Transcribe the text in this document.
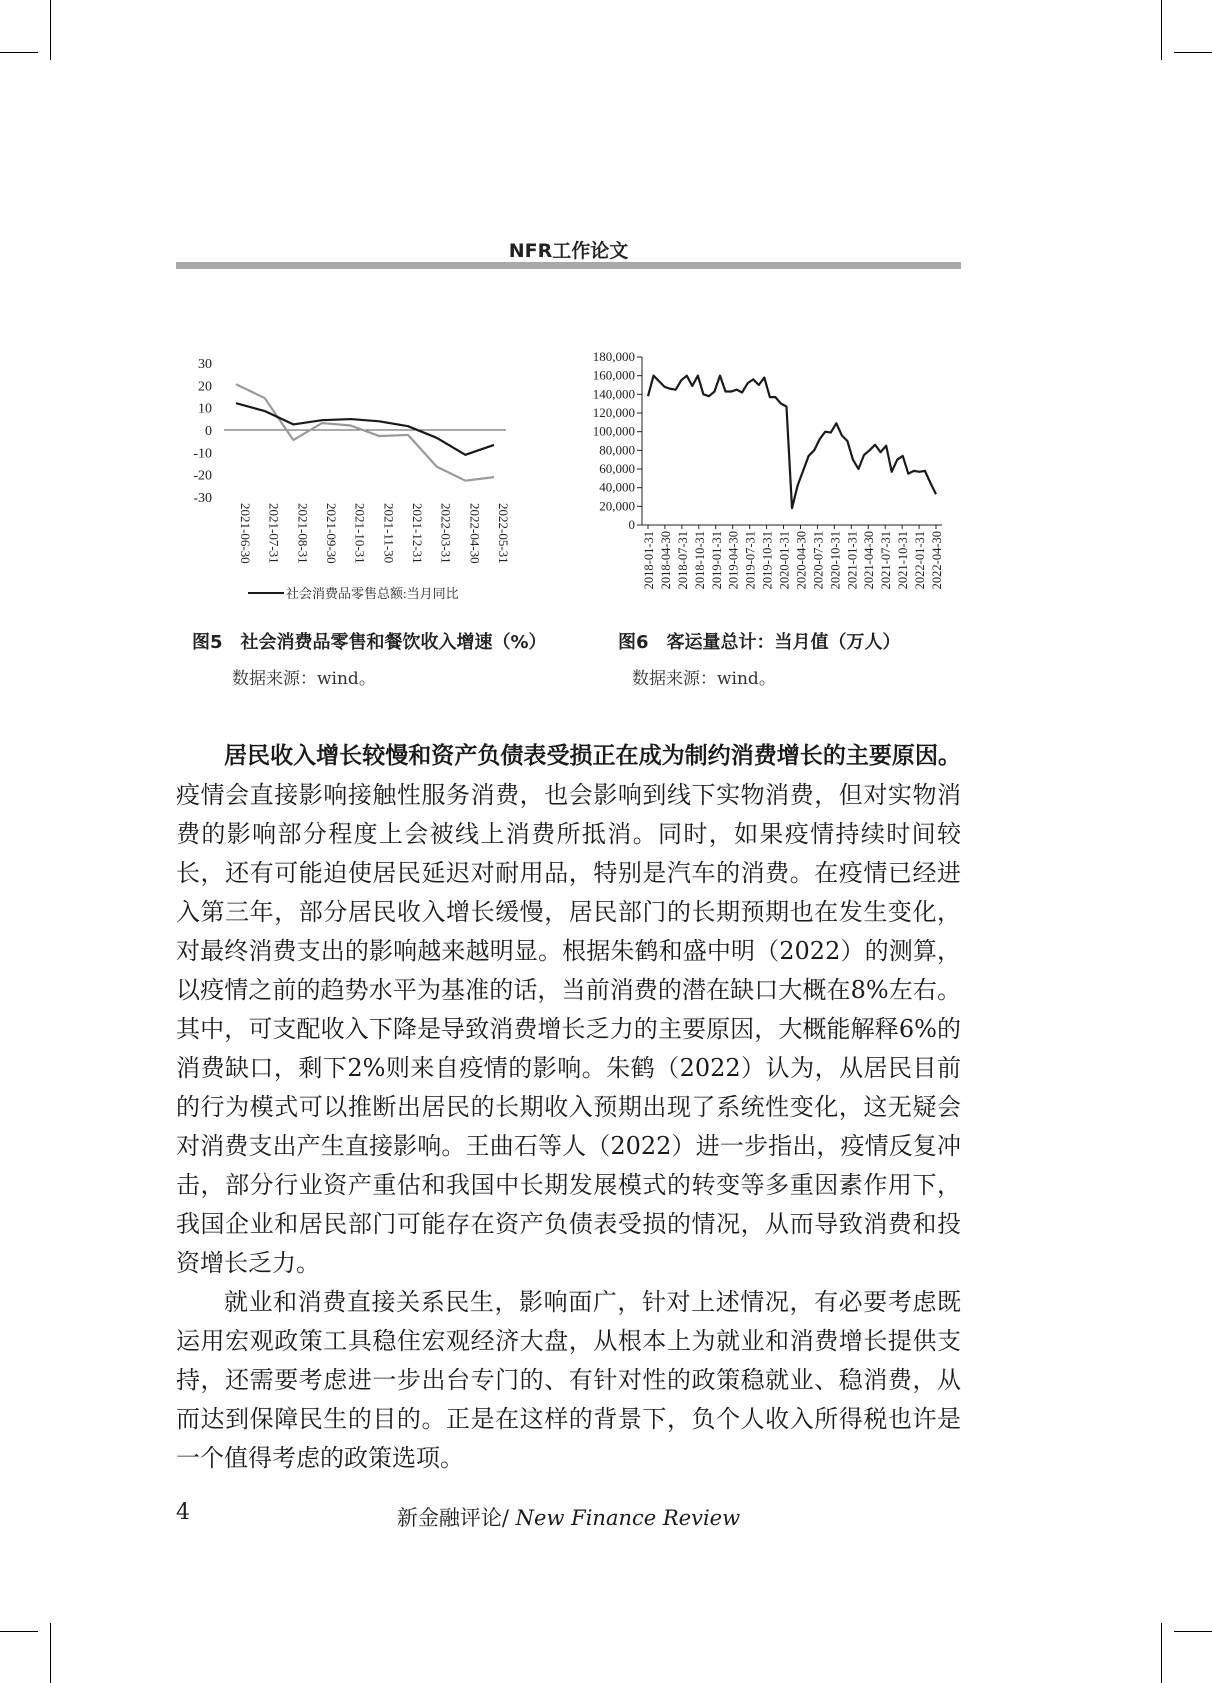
NFR工作论文
30
20
10
0
-10
-20
-30
2021-06-30 2021-07-31 2021-08-31 2021-09-30 2021-10-31 2021-11-30 2021-12-31 2022-03-31 2022-04-30 2022-05-31
社会消费品零售总额:当月同比
图5　社会消费品零售和餐饮收入增速（%）
数据来源：wind。
180,000
160,000
140,000
120,000
100,000
80,000
60,000
40,000
20,000
0
2018-01-31 2018-04-30 2018-07-31 2018-10-31 2019-01-31 2019-04-30 2019-07-31 2019-10-31 2020-01-31 2020-04-30 2020-07-31 2020-10-31 2021-01-31 2021-04-30 2021-07-31 2021-10-31 2022-01-31 2022-04-30
图6　客运量总计：当月值（万人）
数据来源：wind。

居民收入增长较慢和资产负债表受损正在成为制约消费增长的主要原因。疫情会直接影响接触性服务消费，也会影响到线下实物消费，但对实物消费的影响部分程度上会被线上消费所抵消。同时，如果疫情持续时间较长，还有可能迫使居民延迟对耐用品，特别是汽车的消费。在疫情已经进入第三年，部分居民收入增长缓慢，居民部门的长期预期也在发生变化，对最终消费支出的影响越来越明显。根据朱鹤和盛中明（2022）的测算，以疫情之前的趋势水平为基准的话，当前消费的潜在缺口大概在8%左右。其中，可支配收入下降是导致消费增长乏力的主要原因，大概能解释6%的消费缺口，剩下2%则来自疫情的影响。朱鹤（2022）认为，从居民目前的行为模式可以推断出居民的长期收入预期出现了系统性变化，这无疑会对消费支出产生直接影响。王曲石等人（2022）进一步指出，疫情反复冲击，部分行业资产重估和我国中长期发展模式的转变等多重因素作用下，我国企业和居民部门可能存在资产负债表受损的情况，从而导致消费和投资增长乏力。

就业和消费直接关系民生，影响面广，针对上述情况，有必要考虑既运用宏观政策工具稳住宏观经济大盘，从根本上为就业和消费增长提供支持，还需要考虑进一步出台专门的、有针对性的政策稳就业、稳消费，从而达到保障民生的目的。正是在这样的背景下，负个人收入所得税也许是一个值得考虑的政策选项。

4	新金融评论/ New Finance Review
